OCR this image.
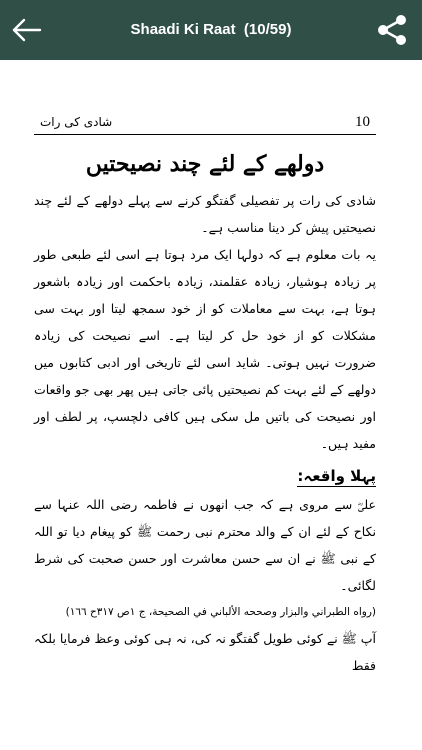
Shaadi Ki Raat  (10/59)
10
شادی کی رات
دولھے کے لئے چند نصیحتیں

شادی کی رات پر تفصیلی گفتگو کرنے سے پہلے دولھے کے لئے چند نصیحتیں پیش کر دینا مناسب ہے۔

یہ بات معلوم ہے کہ دولہا ایک مرد ہوتا ہے اسی لئے طبعی طور پر زیادہ ہوشیار، زیادہ عقلمند، زیادہ باحکمت اور زیادہ باشعور ہوتا ہے، بہت سے معاملات کو از خود سمجھ لیتا اور بہت سی مشکلات کو از خود حل کر لیتا ہے۔ اسے نصیحت کی زیادہ ضرورت نہیں ہوتی۔ شاید اسی لئے تاریخی اور ادبی کتابوں میں دولھے کے لئے بہت کم نصیحتیں پائی جاتی ہیں پھر بھی جو واقعات اور نصیحت کی باتیں مل سکی ہیں کافی دلچسپ، پر لطف اور مفید ہیں۔

پہلا واقعہ:

علیؓ سے مروی ہے کہ جب انھوں نے فاطمہ رضی اللہ عنہا سے نکاح کے لئے ان کے والد محترم نبی رحمت ﷺ کو پیغام دیا تو اللہ کے نبی ﷺ نے ان سے حسن معاشرت اور حسن صحبت کی شرط لگائی۔

(رواه الطبراني والبزار وصححه الألباني في الصحيحة، ج ١ص ٣١٧ح ١٦٦)

آپ ﷺ نے کوئی طویل گفتگو نہ کی، نہ ہی کوئی وعظ فرمایا بلکہ فقط
